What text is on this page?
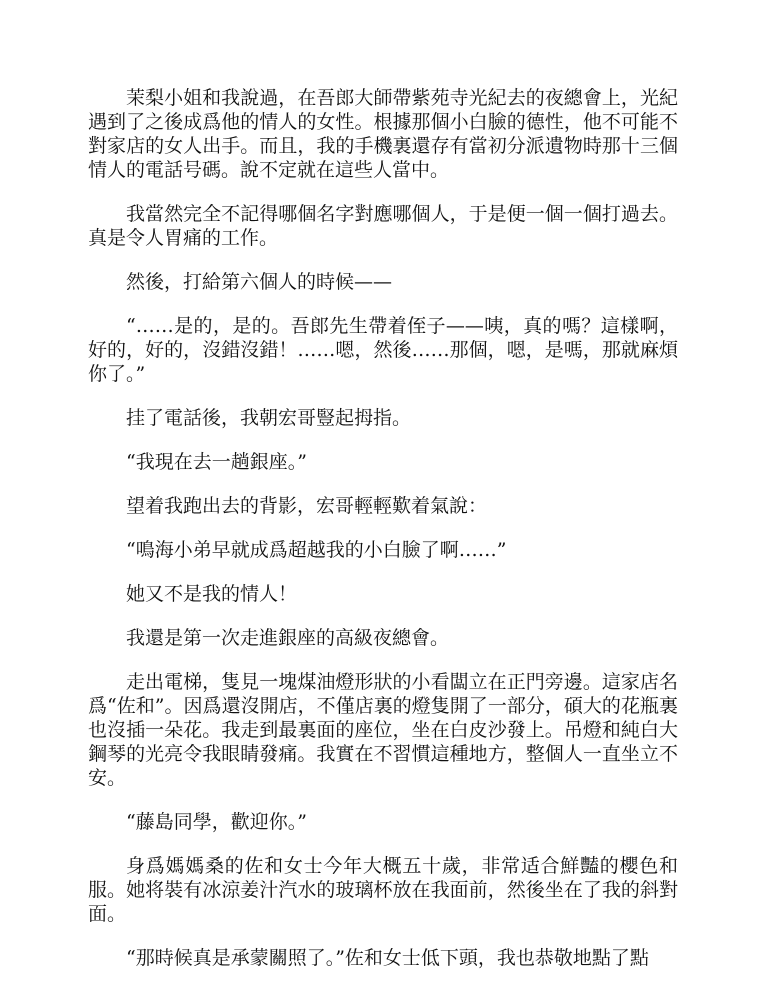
茉梨小姐和我說過，在吾郎大師帶紫苑寺光紀去的夜總會上，光紀遇到了之後成爲他的情人的女性。根據那個小白臉的德性，他不可能不對家店的女人出手。而且，我的手機裏還存有當初分派遺物時那十三個情人的電話号碼。說不定就在這些人當中。

我當然完全不記得哪個名字對應哪個人，于是便一個一個打過去。真是令人胃痛的工作。

然後，打給第六個人的時候——

“……是的，是的。吾郎先生帶着侄子——咦，真的嗎？這樣啊，好的，好的，沒錯沒錯！……嗯，然後……那個，嗯，是嗎，那就麻煩你了。”

挂了電話後，我朝宏哥豎起拇指。

“我現在去一趟銀座。”

望着我跑出去的背影，宏哥輕輕歎着氣說：

“鳴海小弟早就成爲超越我的小白臉了啊……”

她又不是我的情人！

我還是第一次走進銀座的高級夜總會。

走出電梯，隻見一塊煤油燈形狀的小看闆立在正門旁邊。這家店名爲“佐和”。因爲還沒開店，不僅店裏的燈隻開了一部分，碩大的花瓶裏也沒插一朵花。我走到最裏面的座位，坐在白皮沙發上。吊燈和純白大鋼琴的光亮令我眼睛發痛。我實在不習慣這種地方，整個人一直坐立不安。

“藤島同學，歡迎你。”

身爲媽媽桑的佐和女士今年大概五十歲，非常适合鮮豔的櫻色和服。她将裝有冰涼姜汁汽水的玻璃杯放在我面前，然後坐在了我的斜對面。

“那時候真是承蒙關照了。”佐和女士低下頭，我也恭敬地點了點
